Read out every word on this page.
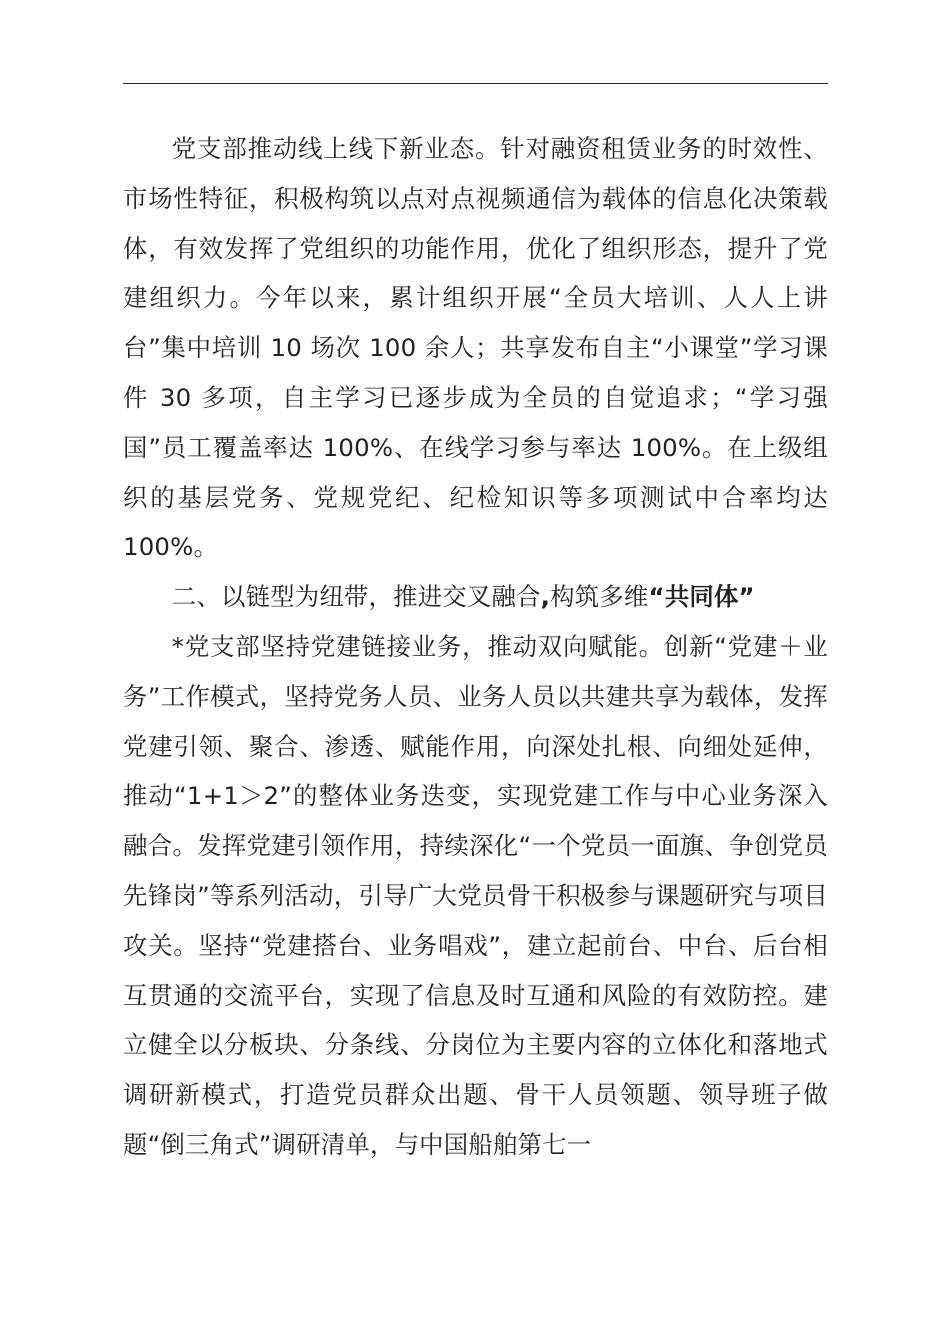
党支部推动线上线下新业态。针对融资租赁业务的时效性、市场性特征，积极构筑以点对点视频通信为载体的信息化决策载体，有效发挥了党组织的功能作用，优化了组织形态，提升了党建组织力。今年以来，累计组织开展“全员大培训、人人上讲台”集中培训 10 场次 100 余人；共享发布自主“小课堂”学习课件 30 多项，自主学习已逐步成为全员的自觉追求；“学习强国”员工覆盖率达 100%、在线学习参与率达 100%。在上级组织的基层党务、党规党纪、纪检知识等多项测试中合率均达 100%。

二、以链型为纽带，推进交叉融合,构筑多维“共同体”

*党支部坚持党建链接业务，推动双向赋能。创新“党建＋业务”工作模式，坚持党务人员、业务人员以共建共享为载体，发挥党建引领、聚合、渗透、赋能作用，向深处扎根、向细处延伸，推动“1+1＞2”的整体业务迭变，实现党建工作与中心业务深入融合。发挥党建引领作用，持续深化“一个党员一面旗、争创党员先锋岗”等系列活动，引导广大党员骨干积极参与课题研究与项目攻关。坚持“党建搭台、业务唱戏”，建立起前台、中台、后台相互贯通的交流平台，实现了信息及时互通和风险的有效防控。建立健全以分板块、分条线、分岗位为主要内容的立体化和落地式调研新模式，打造党员群众出题、骨干人员领题、领导班子做题“倒三角式”调研清单，与中国船舶第七一
